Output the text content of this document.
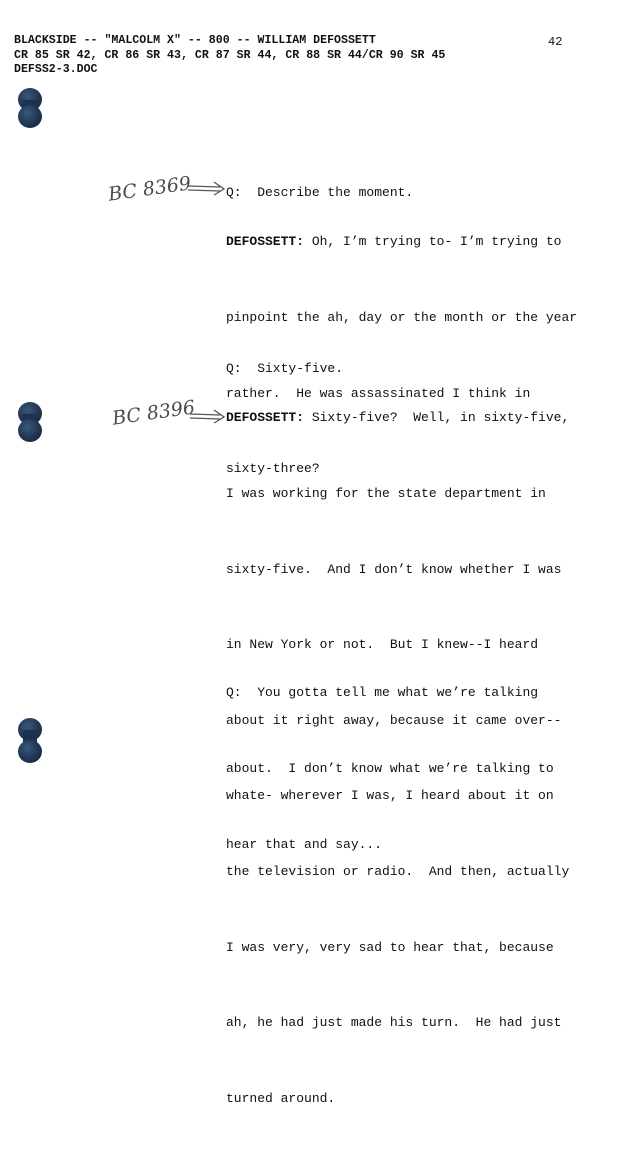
BLACKSIDE -- "MALCOLM X" -- 800 -- WILLIAM DEFOSSETT
CR 85 SR 42, CR 86 SR 43, CR 87 SR 44, CR 88 SR 44/CR 90 SR 45
DEFSS2-3.DOC
42
BC 8369
BC 8396

Q:  Describe the moment.

DEFOSSETT: Oh, I’m trying to- I’m trying to

pinpoint the ah, day or the month or the year

rather.  He was assassinated I think in

sixty-three?

Q:  Sixty-five.

DEFOSSETT: Sixty-five?  Well, in sixty-five,

I was working for the state department in

sixty-five.  And I don’t know whether I was

in New York or not.  But I knew--I heard

about it right away, because it came over--

whate- wherever I was, I heard about it on

the television or radio.  And then, actually

I was very, very sad to hear that, because

ah, he had just made his turn.  He had just

turned around.

Q:  You gotta tell me what we’re talking

about.  I don’t know what we’re talking to

hear that and say...
